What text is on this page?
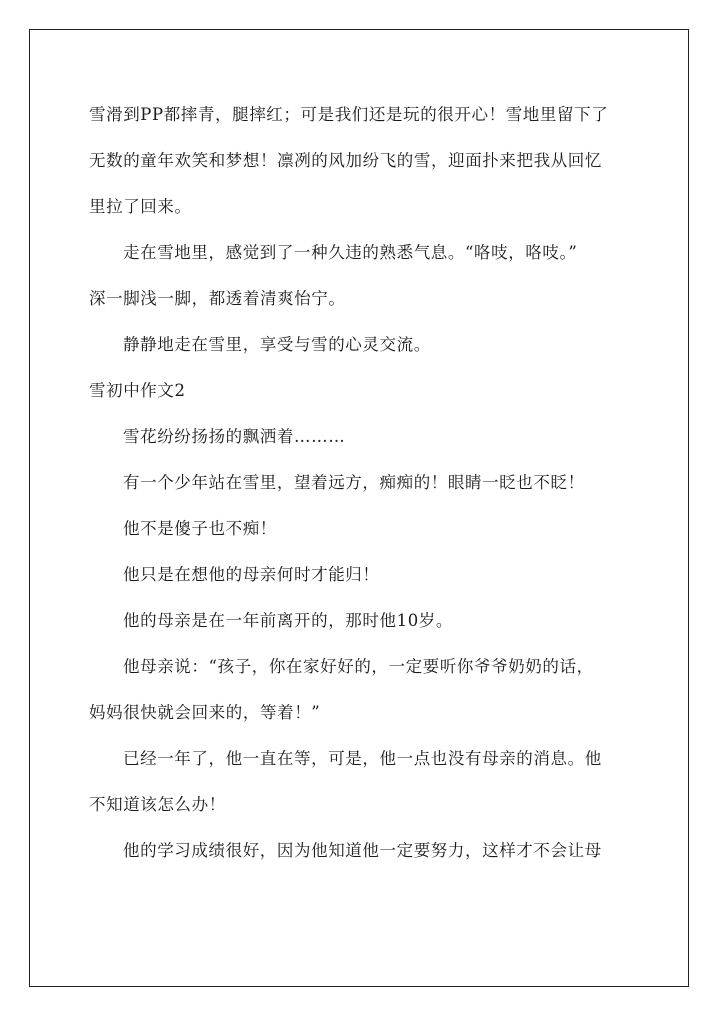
雪滑到PP都摔青，腿摔红；可是我们还是玩的很开心！雪地里留下了
无数的童年欢笑和梦想！凛冽的风加纷飞的雪，迎面扑来把我从回忆
里拉了回来。
走在雪地里，感觉到了一种久违的熟悉气息。“咯吱，咯吱。”
深一脚浅一脚，都透着清爽怡宁。
静静地走在雪里，享受与雪的心灵交流。
雪初中作文2
雪花纷纷扬扬的飘洒着………
有一个少年站在雪里，望着远方，痴痴的！眼睛一眨也不眨！
他不是傻子也不痴！
他只是在想他的母亲何时才能归！
他的母亲是在一年前离开的，那时他10岁。
他母亲说：“孩子，你在家好好的，一定要听你爷爷奶奶的话，
妈妈很快就会回来的，等着！”
已经一年了，他一直在等，可是，他一点也没有母亲的消息。他
不知道该怎么办！
他的学习成绩很好，因为他知道他一定要努力，这样才不会让母
